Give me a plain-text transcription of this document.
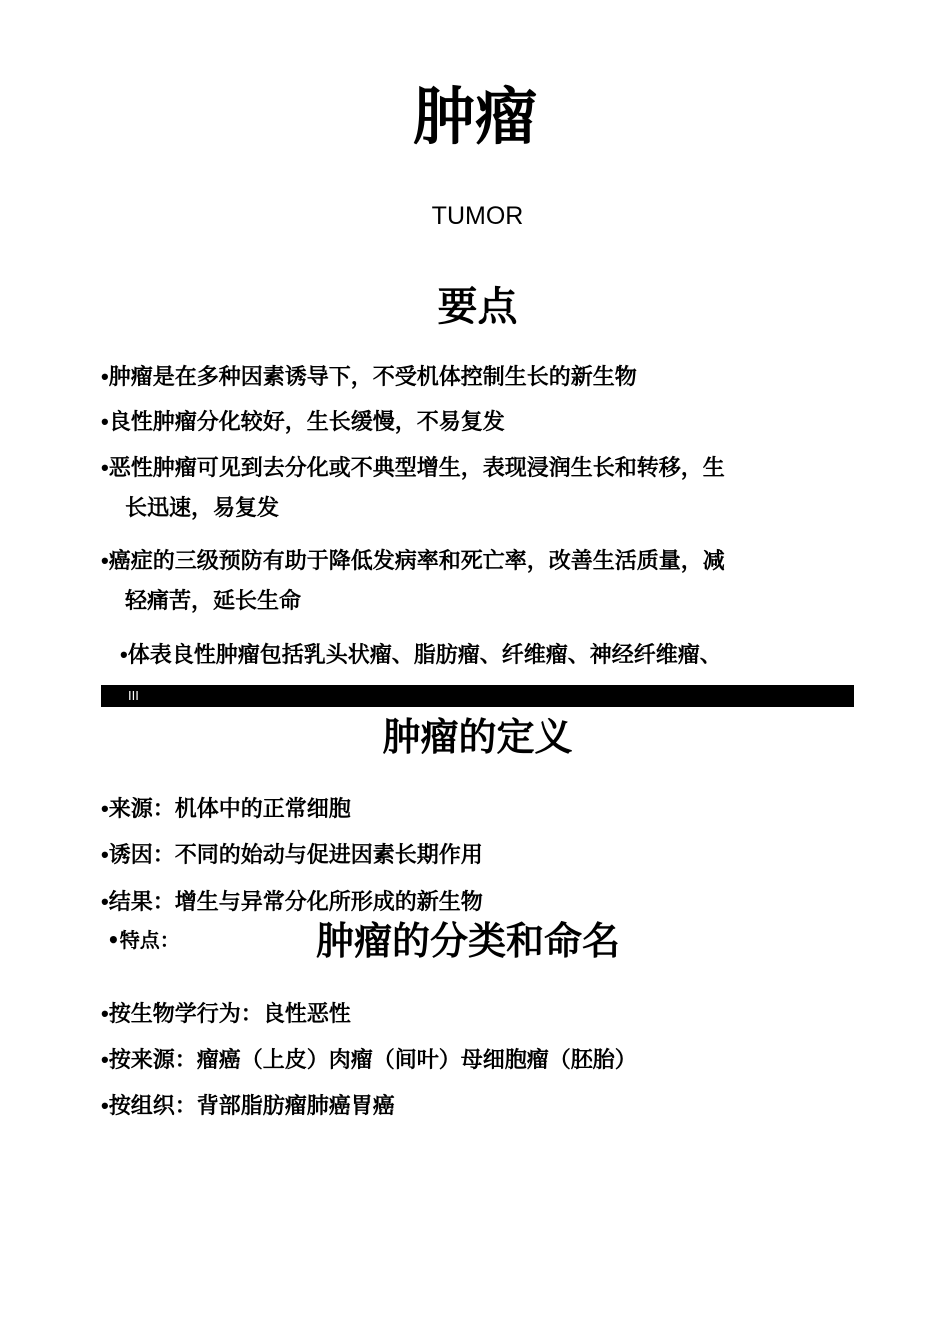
肿瘤
TUMOR
要点
•肿瘤是在多种因素诱导下，不受机体控制生长的新生物
•良性肿瘤分化较好，生长缓慢，不易复发
•恶性肿瘤可见到去分化或不典型增生，表现浸润生长和转移，生
长迅速，易复发
•癌症的三级预防有助于降低发病率和死亡率，改善生活质量，减
轻痛苦，延长生命
•体表良性肿瘤包括乳头状瘤、脂肪瘤、纤维瘤、神经纤维瘤、
III
肿瘤的定义
•来源：机体中的正常细胞
•诱因：不同的始动与促进因素长期作用
•结果：增生与异常分化所形成的新生物
•特点：	肿瘤的分类和命名
•按生物学行为：良性恶性
•按来源：瘤癌（上皮）肉瘤（间叶）母细胞瘤（胚胎）
•按组织：背部脂肪瘤肺癌胃癌
